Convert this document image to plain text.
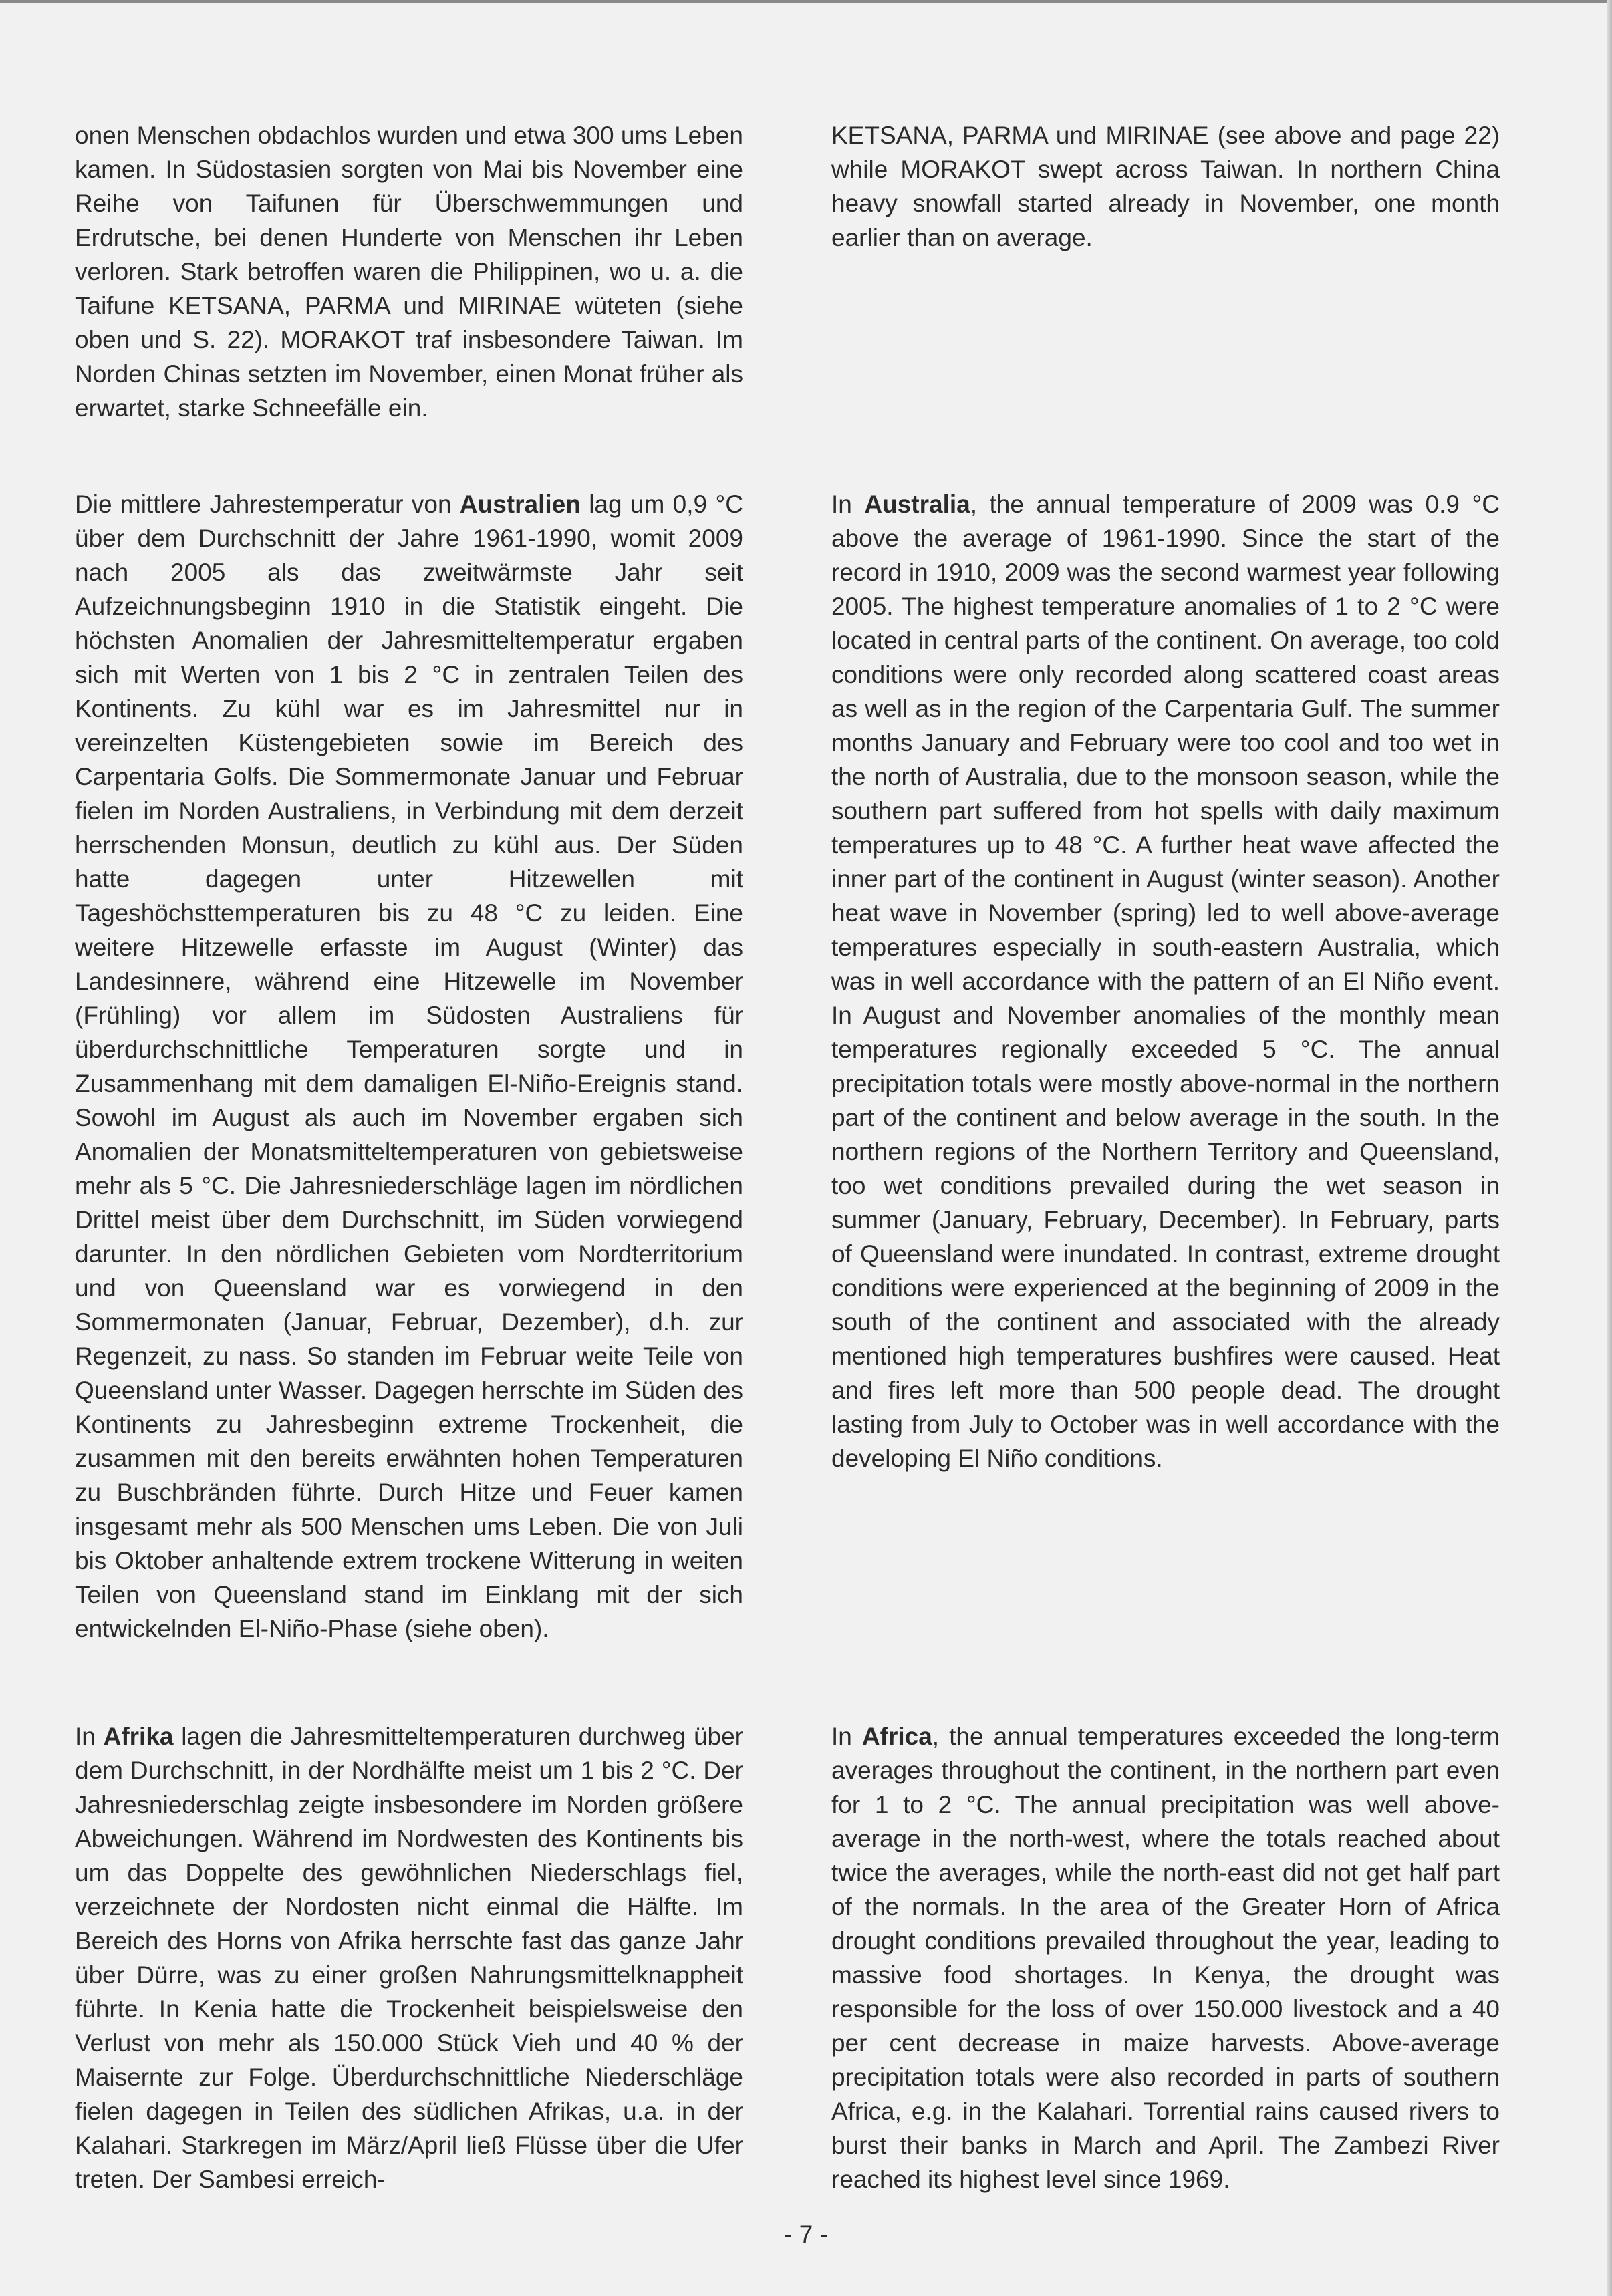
onen Menschen obdachlos wurden und etwa 300 ums Leben kamen. In Südostasien sorgten von Mai bis November eine Reihe von Taifunen für Überschwemmungen und Erdrutsche, bei denen Hunderte von Menschen ihr Leben verloren. Stark betroffen waren die Philippinen, wo u. a. die Taifune KETSANA, PARMA und MIRINAE wüteten (siehe oben und S. 22). MORAKOT traf insbesondere Taiwan. Im Norden Chinas setzten im November, einen Monat früher als erwartet, starke Schneefälle ein.

Die mittlere Jahrestemperatur von Australien lag um 0,9 °C über dem Durchschnitt der Jahre 1961-1990, womit 2009 nach 2005 als das zweitwärmste Jahr seit Aufzeichnungsbeginn 1910 in die Statistik eingeht. Die höchsten Anomalien der Jahresmitteltemperatur ergaben sich mit Werten von 1 bis 2 °C in zentralen Teilen des Kontinents. Zu kühl war es im Jahresmittel nur in vereinzelten Küstengebieten sowie im Bereich des Carpentaria Golfs. Die Sommermonate Januar und Februar fielen im Norden Australiens, in Verbindung mit dem derzeit herrschenden Monsun, deutlich zu kühl aus. Der Süden hatte dagegen unter Hitzewellen mit Tageshöchsttemperaturen bis zu 48 °C zu leiden. Eine weitere Hitzewelle erfasste im August (Winter) das Landesinnere, während eine Hitzewelle im November (Frühling) vor allem im Südosten Australiens für überdurchschnittliche Temperaturen sorgte und in Zusammenhang mit dem damaligen El-Niño-Ereignis stand. Sowohl im August als auch im November ergaben sich Anomalien der Monatsmitteltemperaturen von gebietsweise mehr als 5 °C. Die Jahresniederschläge lagen im nördlichen Drittel meist über dem Durchschnitt, im Süden vorwiegend darunter. In den nördlichen Gebieten vom Nordterritorium und von Queensland war es vorwiegend in den Sommermonaten (Januar, Februar, Dezember), d.h. zur Regenzeit, zu nass. So standen im Februar weite Teile von Queensland unter Wasser. Dagegen herrschte im Süden des Kontinents zu Jahresbeginn extreme Trockenheit, die zusammen mit den bereits erwähnten hohen Temperaturen zu Buschbränden führte. Durch Hitze und Feuer kamen insgesamt mehr als 500 Menschen ums Leben. Die von Juli bis Oktober anhaltende extrem trockene Witterung in weiten Teilen von Queensland stand im Einklang mit der sich entwickelnden El-Niño-Phase (siehe oben).

In Afrika lagen die Jahresmitteltemperaturen durchweg über dem Durchschnitt, in der Nordhälfte meist um 1 bis 2 °C. Der Jahresniederschlag zeigte insbesondere im Norden größere Abweichungen. Während im Nordwesten des Kontinents bis um das Doppelte des gewöhnlichen Niederschlags fiel, verzeichnete der Nordosten nicht einmal die Hälfte. Im Bereich des Horns von Afrika herrschte fast das ganze Jahr über Dürre, was zu einer großen Nahrungsmittelknappheit führte. In Kenia hatte die Trockenheit beispielsweise den Verlust von mehr als 150.000 Stück Vieh und 40 % der Maisernte zur Folge. Überdurchschnittliche Niederschläge fielen dagegen in Teilen des südlichen Afrikas, u.a. in der Kalahari. Starkregen im März/April ließ Flüsse über die Ufer treten. Der Sambesi erreich-

KETSANA, PARMA und MIRINAE (see above and page 22) while MORAKOT swept across Taiwan. In northern China heavy snowfall started already in November, one month earlier than on average.

In Australia, the annual temperature of 2009 was 0.9 °C above the average of 1961-1990. Since the start of the record in 1910, 2009 was the second warmest year following 2005. The highest temperature anomalies of 1 to 2 °C were located in central parts of the continent. On average, too cold conditions were only recorded along scattered coast areas as well as in the region of the Carpentaria Gulf. The summer months January and February were too cool and too wet in the north of Australia, due to the monsoon season, while the southern part suffered from hot spells with daily maximum temperatures up to 48 °C. A further heat wave affected the inner part of the continent in August (winter season). Another heat wave in November (spring) led to well above-average temperatures especially in south-eastern Australia, which was in well accordance with the pattern of an El Niño event. In August and November anomalies of the monthly mean temperatures regionally exceeded 5 °C. The annual precipitation totals were mostly above-normal in the northern part of the continent and below average in the south. In the northern regions of the Northern Territory and Queensland, too wet conditions prevailed during the wet season in summer (January, February, December). In February, parts of Queensland were inundated. In contrast, extreme drought conditions were experienced at the beginning of 2009 in the south of the continent and associated with the already mentioned high temperatures bushfires were caused. Heat and fires left more than 500 people dead. The drought lasting from July to October was in well accordance with the developing El Niño conditions.

In Africa, the annual temperatures exceeded the long-term averages throughout the continent, in the northern part even for 1 to 2 °C. The annual precipitation was well above-average in the north-west, where the totals reached about twice the averages, while the north-east did not get half part of the normals. In the area of the Greater Horn of Africa drought conditions prevailed throughout the year, leading to massive food shortages. In Kenya, the drought was responsible for the loss of over 150.000 livestock and a 40 per cent decrease in maize harvests. Above-average precipitation totals were also recorded in parts of southern Africa, e.g. in the Kalahari. Torrential rains caused rivers to burst their banks in March and April. The Zambezi River reached its highest level since 1969.

- 7 -
